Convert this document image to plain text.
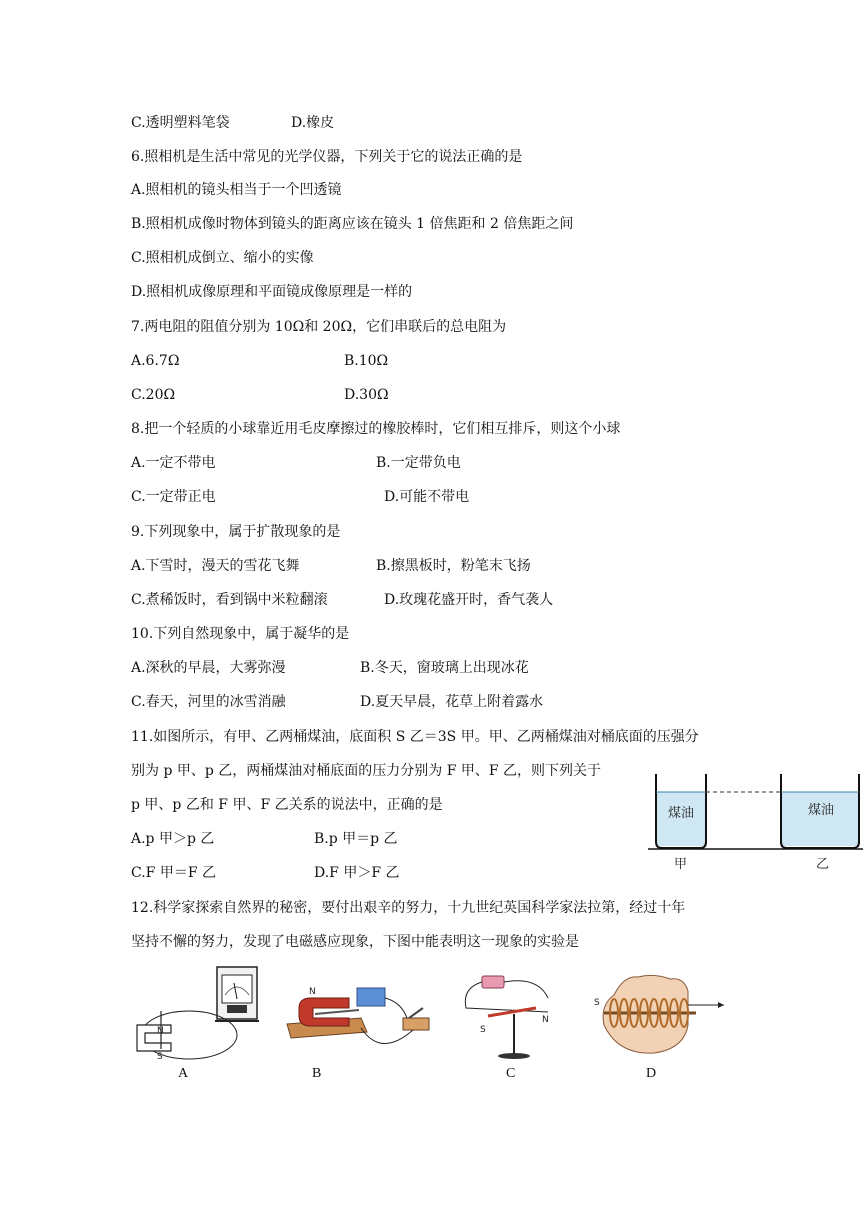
C.透明塑料笔袋	D.橡皮
6.照相机是生活中常见的光学仪器，下列关于它的说法正确的是
A.照相机的镜头相当于一个凹透镜
B.照相机成像时物体到镜头的距离应该在镜头 1 倍焦距和 2 倍焦距之间
C.照相机成倒立、缩小的实像
D.照相机成像原理和平面镜成像原理是一样的
7.两电阻的阻值分别为 10Ω和 20Ω，它们串联后的总电阻为
A.6.7Ω	B.10Ω
C.20Ω	D.30Ω
8.把一个轻质的小球靠近用毛皮摩擦过的橡胶棒时，它们相互排斥，则这个小球
A.一定不带电	B.一定带负电
C.一定带正电	D.可能不带电
9.下列现象中，属于扩散现象的是
A.下雪时，漫天的雪花飞舞	B.擦黑板时，粉笔末飞扬
C.煮稀饭时，看到锅中米粒翻滚	D.玫瑰花盛开时，香气袭人
10.下列自然现象中，属于凝华的是
A.深秋的早晨，大雾弥漫	B.冬天，窗玻璃上出现冰花
C.春天，河里的冰雪消融	D.夏天早晨，花草上附着露水
11.如图所示，有甲、乙两桶煤油，底面积 S 乙＝3S 甲。甲、乙两桶煤油对桶底面的压强分
别为 p 甲、p 乙，两桶煤油对桶底面的压力分别为 F 甲、F 乙，则下列关于
p 甲、p 乙和 F 甲、F 乙关系的说法中，正确的是
A.p 甲＞p 乙	B.p 甲＝p 乙
C.F 甲＝F 乙	D.F 甲＞F 乙
12.科学家探索自然界的秘密，要付出艰辛的努力，十九世纪英国科学家法拉第，经过十年
坚持不懈的努力，发现了电磁感应现象，下图中能表明这一现象的实验是
煤油	煤油
甲	乙
N
S
N
S
N
S
A	B	C	D
